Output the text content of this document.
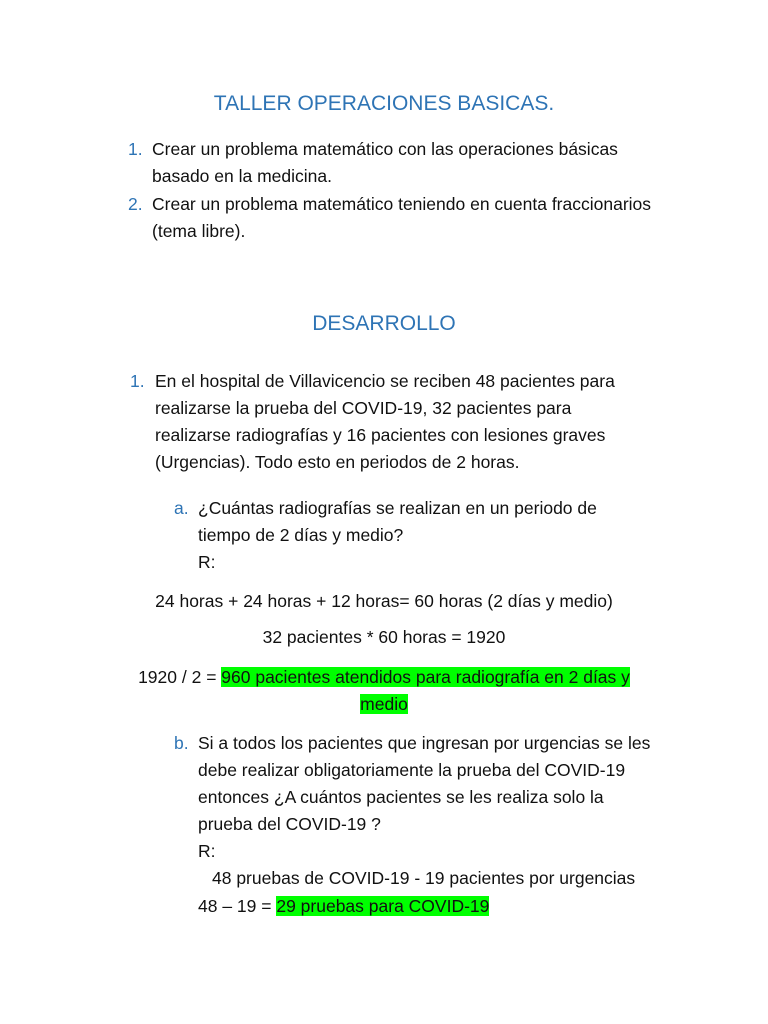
TALLER OPERACIONES BASICAS.
1. Crear un problema matemático con las operaciones básicas basado en la medicina.

2. Crear un problema matemático teniendo en cuenta fraccionarios (tema libre).

DESARROLLO
1. En el hospital de Villavicencio se reciben 48 pacientes para realizarse la prueba del COVID-19, 32 pacientes para realizarse radiografías y 16 pacientes con lesiones graves (Urgencias). Todo esto en periodos de 2 horas.

a. ¿Cuántas radiografías se realizan en un periodo de tiempo de 2 días y medio?

R:

24 horas + 24 horas + 12 horas= 60 horas (2 días y medio)
32 pacientes * 60 horas = 1920
1920 / 2 = 960 pacientes atendidos para radiografía en 2 días y
medio
b. Si a todos los pacientes que ingresan por urgencias se les debe realizar obligatoriamente la prueba del COVID-19 entonces ¿A cuántos pacientes se les realiza solo la prueba del COVID-19 ?

R:

48 pruebas de COVID-19 - 19 pacientes por urgencias
48 – 19 = 29 pruebas para COVID-19
